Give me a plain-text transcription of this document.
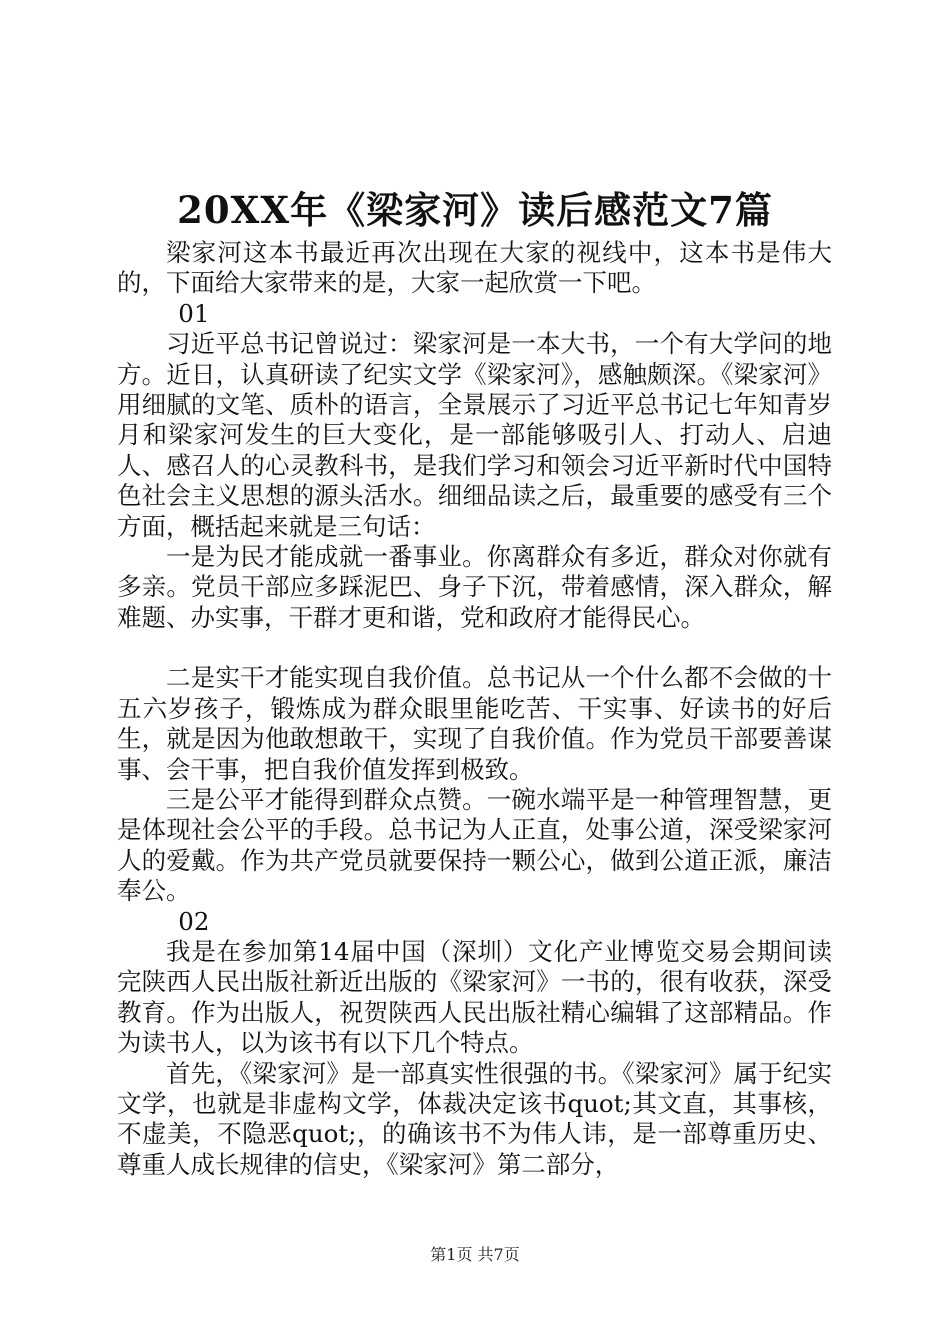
20XX年《梁家河》读后感范文7篇

梁家河这本书最近再次出现在大家的视线中，这本书是伟大的，下面给大家带来的是，大家一起欣赏一下吧。

01

习近平总书记曾说过：梁家河是一本大书，一个有大学问的地方。近日，认真研读了纪实文学《梁家河》，感触颇深。《梁家河》用细腻的文笔、质朴的语言，全景展示了习近平总书记七年知青岁月和梁家河发生的巨大变化，是一部能够吸引人、打动人、启迪人、感召人的心灵教科书，是我们学习和领会习近平新时代中国特色社会主义思想的源头活水。细细品读之后，最重要的感受有三个方面，概括起来就是三句话：

一是为民才能成就一番事业。你离群众有多近，群众对你就有多亲。党员干部应多踩泥巴、身子下沉，带着感情，深入群众，解难题、办实事，干群才更和谐，党和政府才能得民心。

二是实干才能实现自我价值。总书记从一个什么都不会做的十五六岁孩子，锻炼成为群众眼里能吃苦、干实事、好读书的好后生，就是因为他敢想敢干，实现了自我价值。作为党员干部要善谋事、会干事，把自我价值发挥到极致。

三是公平才能得到群众点赞。一碗水端平是一种管理智慧，更是体现社会公平的手段。总书记为人正直，处事公道，深受梁家河人的爱戴。作为共产党员就要保持一颗公心，做到公道正派，廉洁奉公。

02

我是在参加第14届中国（深圳）文化产业博览交易会期间读完陕西人民出版社新近出版的《梁家河》一书的，很有收获，深受教育。作为出版人，祝贺陕西人民出版社精心编辑了这部精品。作为读书人，以为该书有以下几个特点。

首先，《梁家河》是一部真实性很强的书。《梁家河》属于纪实文学，也就是非虚构文学，体裁决定该书quot;其文直，其事核，不虚美，不隐恶quot;，的确该书不为伟人讳，是一部尊重历史、尊重人成长规律的信史，《梁家河》第二部分，

第1页 共7页
